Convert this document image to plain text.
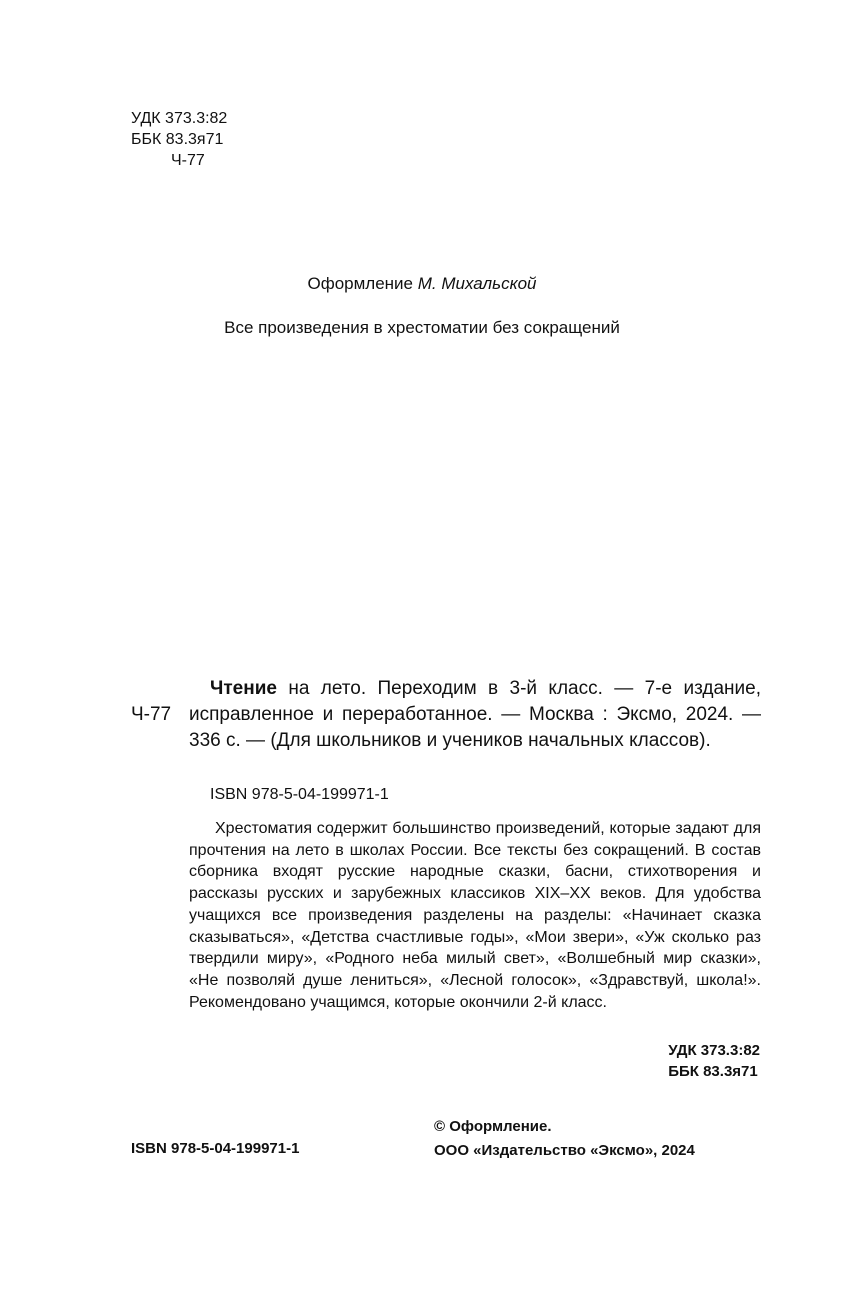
УДК 373.3:82
ББК 83.3я71
Ч-77
Оформление М. Михальской
Все произведения в хрестоматии без сокращений
Ч-77

Чтение на лето. Переходим в 3-й класс. — 7-е издание, исправленное и переработанное. — Москва : Эксмо, 2024. — 336 с. — (Для школьников и учеников начальных классов).

ISBN 978-5-04-199971-1

Хрестоматия содержит большинство произведений, которые задают для прочтения на лето в школах России. Все тексты без сокращений. В состав сборника входят русские народные сказки, басни, стихотворения и рассказы русских и зарубежных классиков XIX–XX веков. Для удобства учащихся все произведения разделены на разделы: «Начинает сказка сказываться», «Детства счастливые годы», «Мои звери», «Уж сколько раз твердили миру», «Родного неба милый свет», «Волшебный мир сказки», «Не позволяй душе лениться», «Лесной голосок», «Здравствуй, школа!». Рекомендовано учащимся, которые окончили 2-й класс.

УДК 373.3:82
ББК 83.3я71
ISBN 978-5-04-199971-1
© Оформление.
ООО «Издательство «Эксмо», 2024
